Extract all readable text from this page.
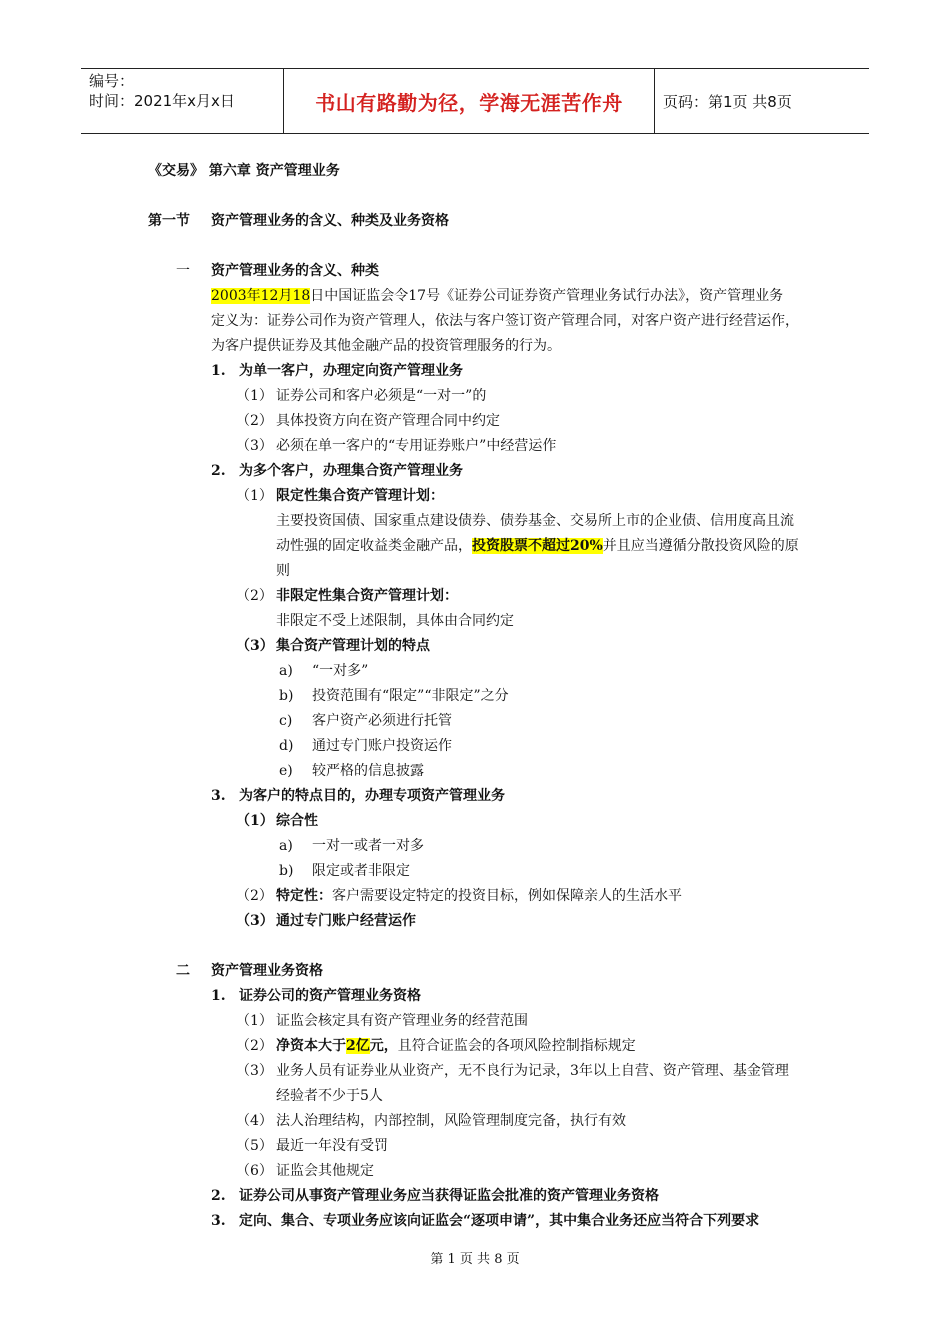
编号：
时间：2021年x月x日	书山有路勤为径，学海无涯苦作舟	页码：第1页 共8页
《交易》 第六章 资产管理业务
第一节 资产管理业务的含义、种类及业务资格
一 资产管理业务的含义、种类
2003年12月18日中国证监会令17号《证券公司证券资产管理业务试行办法》，资产管理业务
定义为：证券公司作为资产管理人，依法与客户签订资产管理合同，对客户资产进行经营运作，
为客户提供证券及其他金融产品的投资管理服务的行为。
1. 为单一客户，办理定向资产管理业务
（1） 证券公司和客户必须是“一对一”的
（2） 具体投资方向在资产管理合同中约定
（3） 必须在单一客户的“专用证券账户”中经营运作
2. 为多个客户，办理集合资产管理业务
（1） 限定性集合资产管理计划：
主要投资国债、国家重点建设债券、债券基金、交易所上市的企业债、信用度高且流
动性强的固定收益类金融产品，投资股票不超过20%并且应当遵循分散投资风险的原
则
（2） 非限定性集合资产管理计划：
非限定不受上述限制，具体由合同约定
（3） 集合资产管理计划的特点
a) “一对多”
b) 投资范围有“限定”“非限定”之分
c) 客户资产必须进行托管
d) 通过专门账户投资运作
e) 较严格的信息披露
3. 为客户的特点目的，办理专项资产管理业务
（1） 综合性
a) 一对一或者一对多
b) 限定或者非限定
（2） 特定性：客户需要设定特定的投资目标，例如保障亲人的生活水平
（3） 通过专门账户经营运作
二 资产管理业务资格
1. 证券公司的资产管理业务资格
（1） 证监会核定具有资产管理业务的经营范围
（2） 净资本大于2亿元，且符合证监会的各项风险控制指标规定
（3） 业务人员有证券业从业资产，无不良行为记录，3年以上自营、资产管理、基金管理
经验者不少于5人
（4） 法人治理结构，内部控制，风险管理制度完备，执行有效
（5） 最近一年没有受罚
（6） 证监会其他规定
2. 证券公司从事资产管理业务应当获得证监会批准的资产管理业务资格
3. 定向、集合、专项业务应该向证监会“逐项申请”，其中集合业务还应当符合下列要求
第 1 页 共 8 页
